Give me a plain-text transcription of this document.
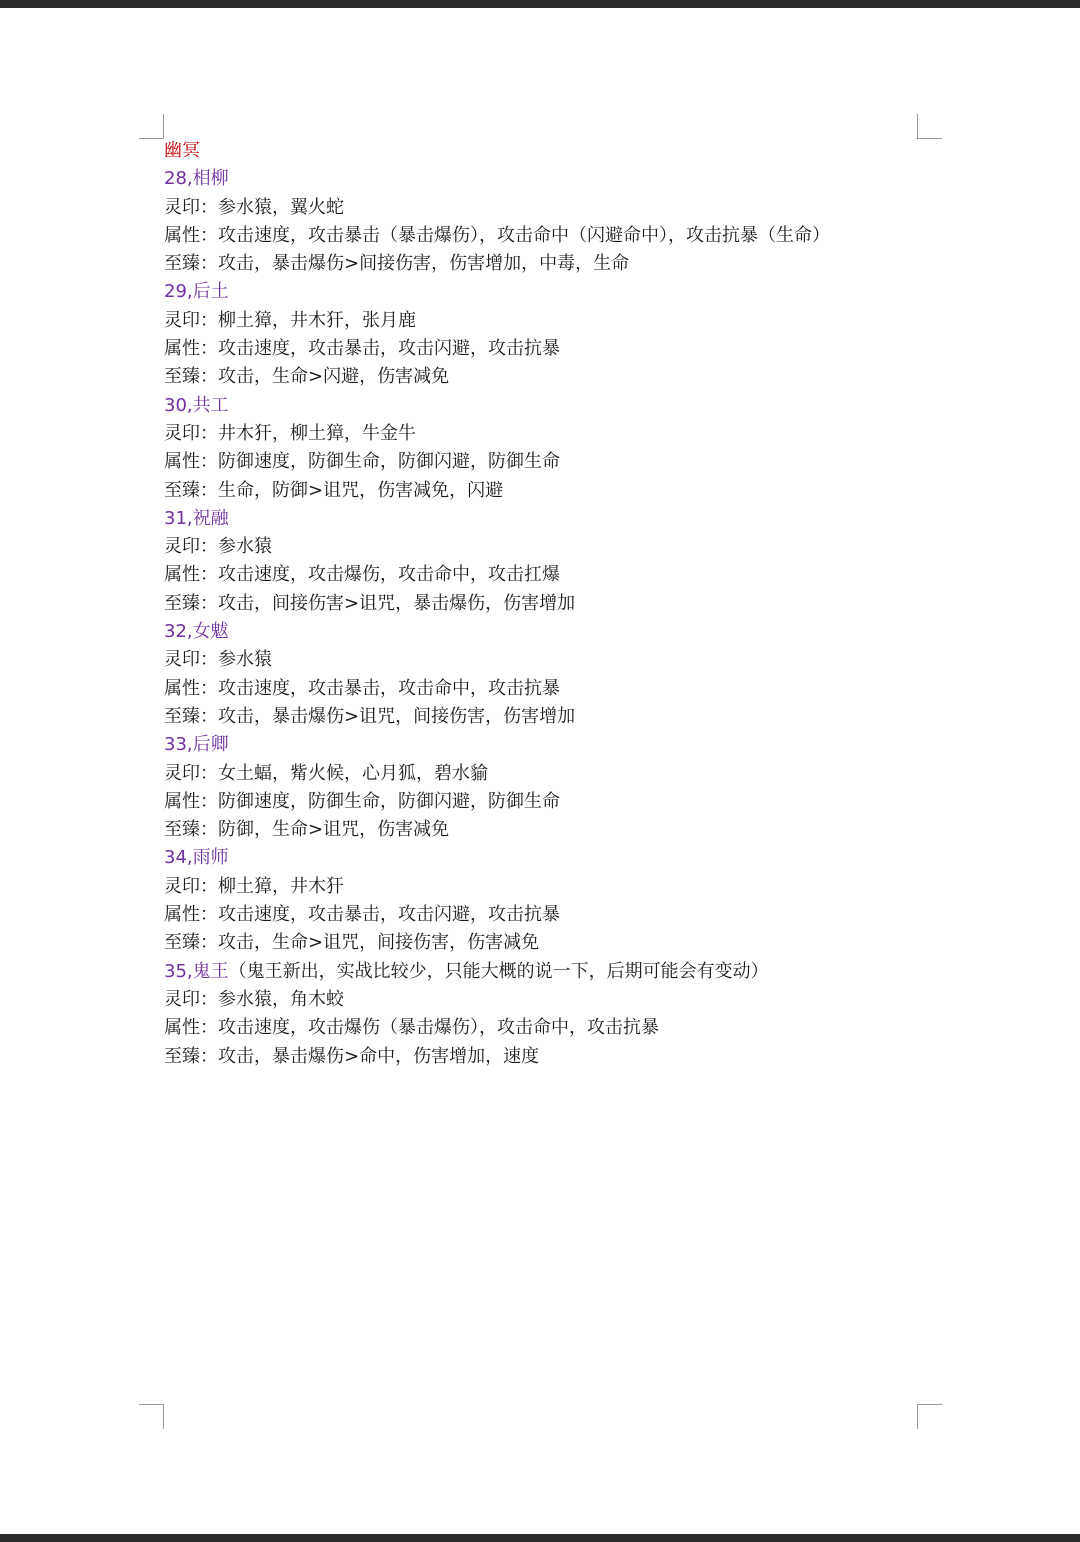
幽冥
28,相柳
灵印：参水猿，翼火蛇
属性：攻击速度，攻击暴击（暴击爆伤），攻击命中（闪避命中），攻击抗暴（生命）
至臻：攻击，暴击爆伤>间接伤害，伤害增加，中毒，生命
29,后土
灵印：柳土獐，井木犴，张月鹿
属性：攻击速度，攻击暴击，攻击闪避，攻击抗暴
至臻：攻击，生命>闪避，伤害减免
30,共工
灵印：井木犴，柳土獐，牛金牛
属性：防御速度，防御生命，防御闪避，防御生命
至臻：生命，防御>诅咒，伤害减免，闪避
31,祝融
灵印：参水猿
属性：攻击速度，攻击爆伤，攻击命中，攻击扛爆
至臻：攻击，间接伤害>诅咒，暴击爆伤，伤害增加
32,女魃
灵印：参水猿
属性：攻击速度，攻击暴击，攻击命中，攻击抗暴
至臻：攻击，暴击爆伤>诅咒，间接伤害，伤害增加
33,后卿
灵印：女土蝠，觜火候，心月狐，碧水貐
属性：防御速度，防御生命，防御闪避，防御生命
至臻：防御，生命>诅咒，伤害减免
34,雨师
灵印：柳土獐，井木犴
属性：攻击速度，攻击暴击，攻击闪避，攻击抗暴
至臻：攻击，生命>诅咒，间接伤害，伤害减免
35,鬼王（鬼王新出，实战比较少，只能大概的说一下，后期可能会有变动）
灵印：参水猿，角木蛟
属性：攻击速度，攻击爆伤（暴击爆伤），攻击命中，攻击抗暴
至臻：攻击，暴击爆伤>命中，伤害增加，速度
